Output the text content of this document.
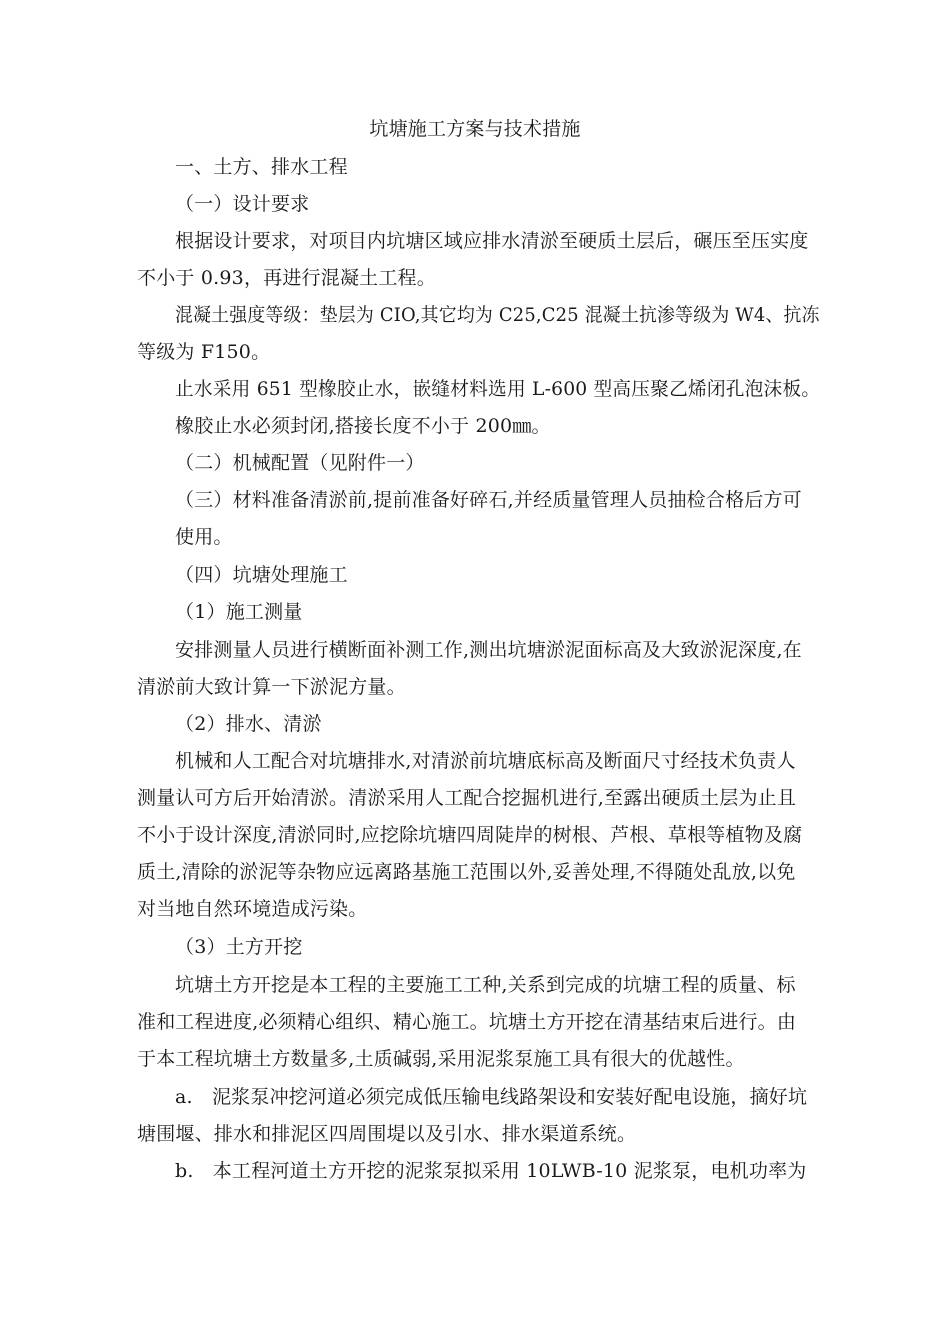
坑塘施工方案与技术措施
一、土方、排水工程
（一）设计要求
根据设计要求，对项目内坑塘区域应排水清淤至硬质土层后，碾压至压实度
不小于 0.93，再进行混凝土工程。
混凝土强度等级：垫层为 CIO,其它均为 C25,C25 混凝土抗渗等级为 W4、抗冻
等级为 F150。
止水采用 651 型橡胶止水，嵌缝材料选用 L-600 型高压聚乙烯闭孔泡沫板。
橡胶止水必须封闭,搭接长度不小于 200㎜。
（二）机械配置（见附件一）
（三）材料准备清淤前,提前准备好碎石,并经质量管理人员抽检合格后方可
使用。
（四）坑塘处理施工
（1）施工测量
安排测量人员进行横断面补测工作,测出坑塘淤泥面标高及大致淤泥深度,在
清淤前大致计算一下淤泥方量。
（2）排水、清淤
机械和人工配合对坑塘排水,对清淤前坑塘底标高及断面尺寸经技术负责人
测量认可方后开始清淤。清淤采用人工配合挖掘机进行,至露出硬质土层为止且
不小于设计深度,清淤同时,应挖除坑塘四周陡岸的树根、芦根、草根等植物及腐
质土,清除的淤泥等杂物应远离路基施工范围以外,妥善处理,不得随处乱放,以免
对当地自然环境造成污染。
（3）土方开挖
坑塘土方开挖是本工程的主要施工工种,关系到完成的坑塘工程的质量、标
准和工程进度,必须精心组织、精心施工。坑塘土方开挖在清基结束后进行。由
于本工程坑塘土方数量多,土质碱弱,采用泥浆泵施工具有很大的优越性。
a.　泥浆泵冲挖河道必须完成低压输电线路架设和安装好配电设施，摘好坑
塘围堰、排水和排泥区四周围堤以及引水、排水渠道系统。
b.　本工程河道土方开挖的泥浆泵拟采用 10LWB-10 泥浆泵，电机功率为
